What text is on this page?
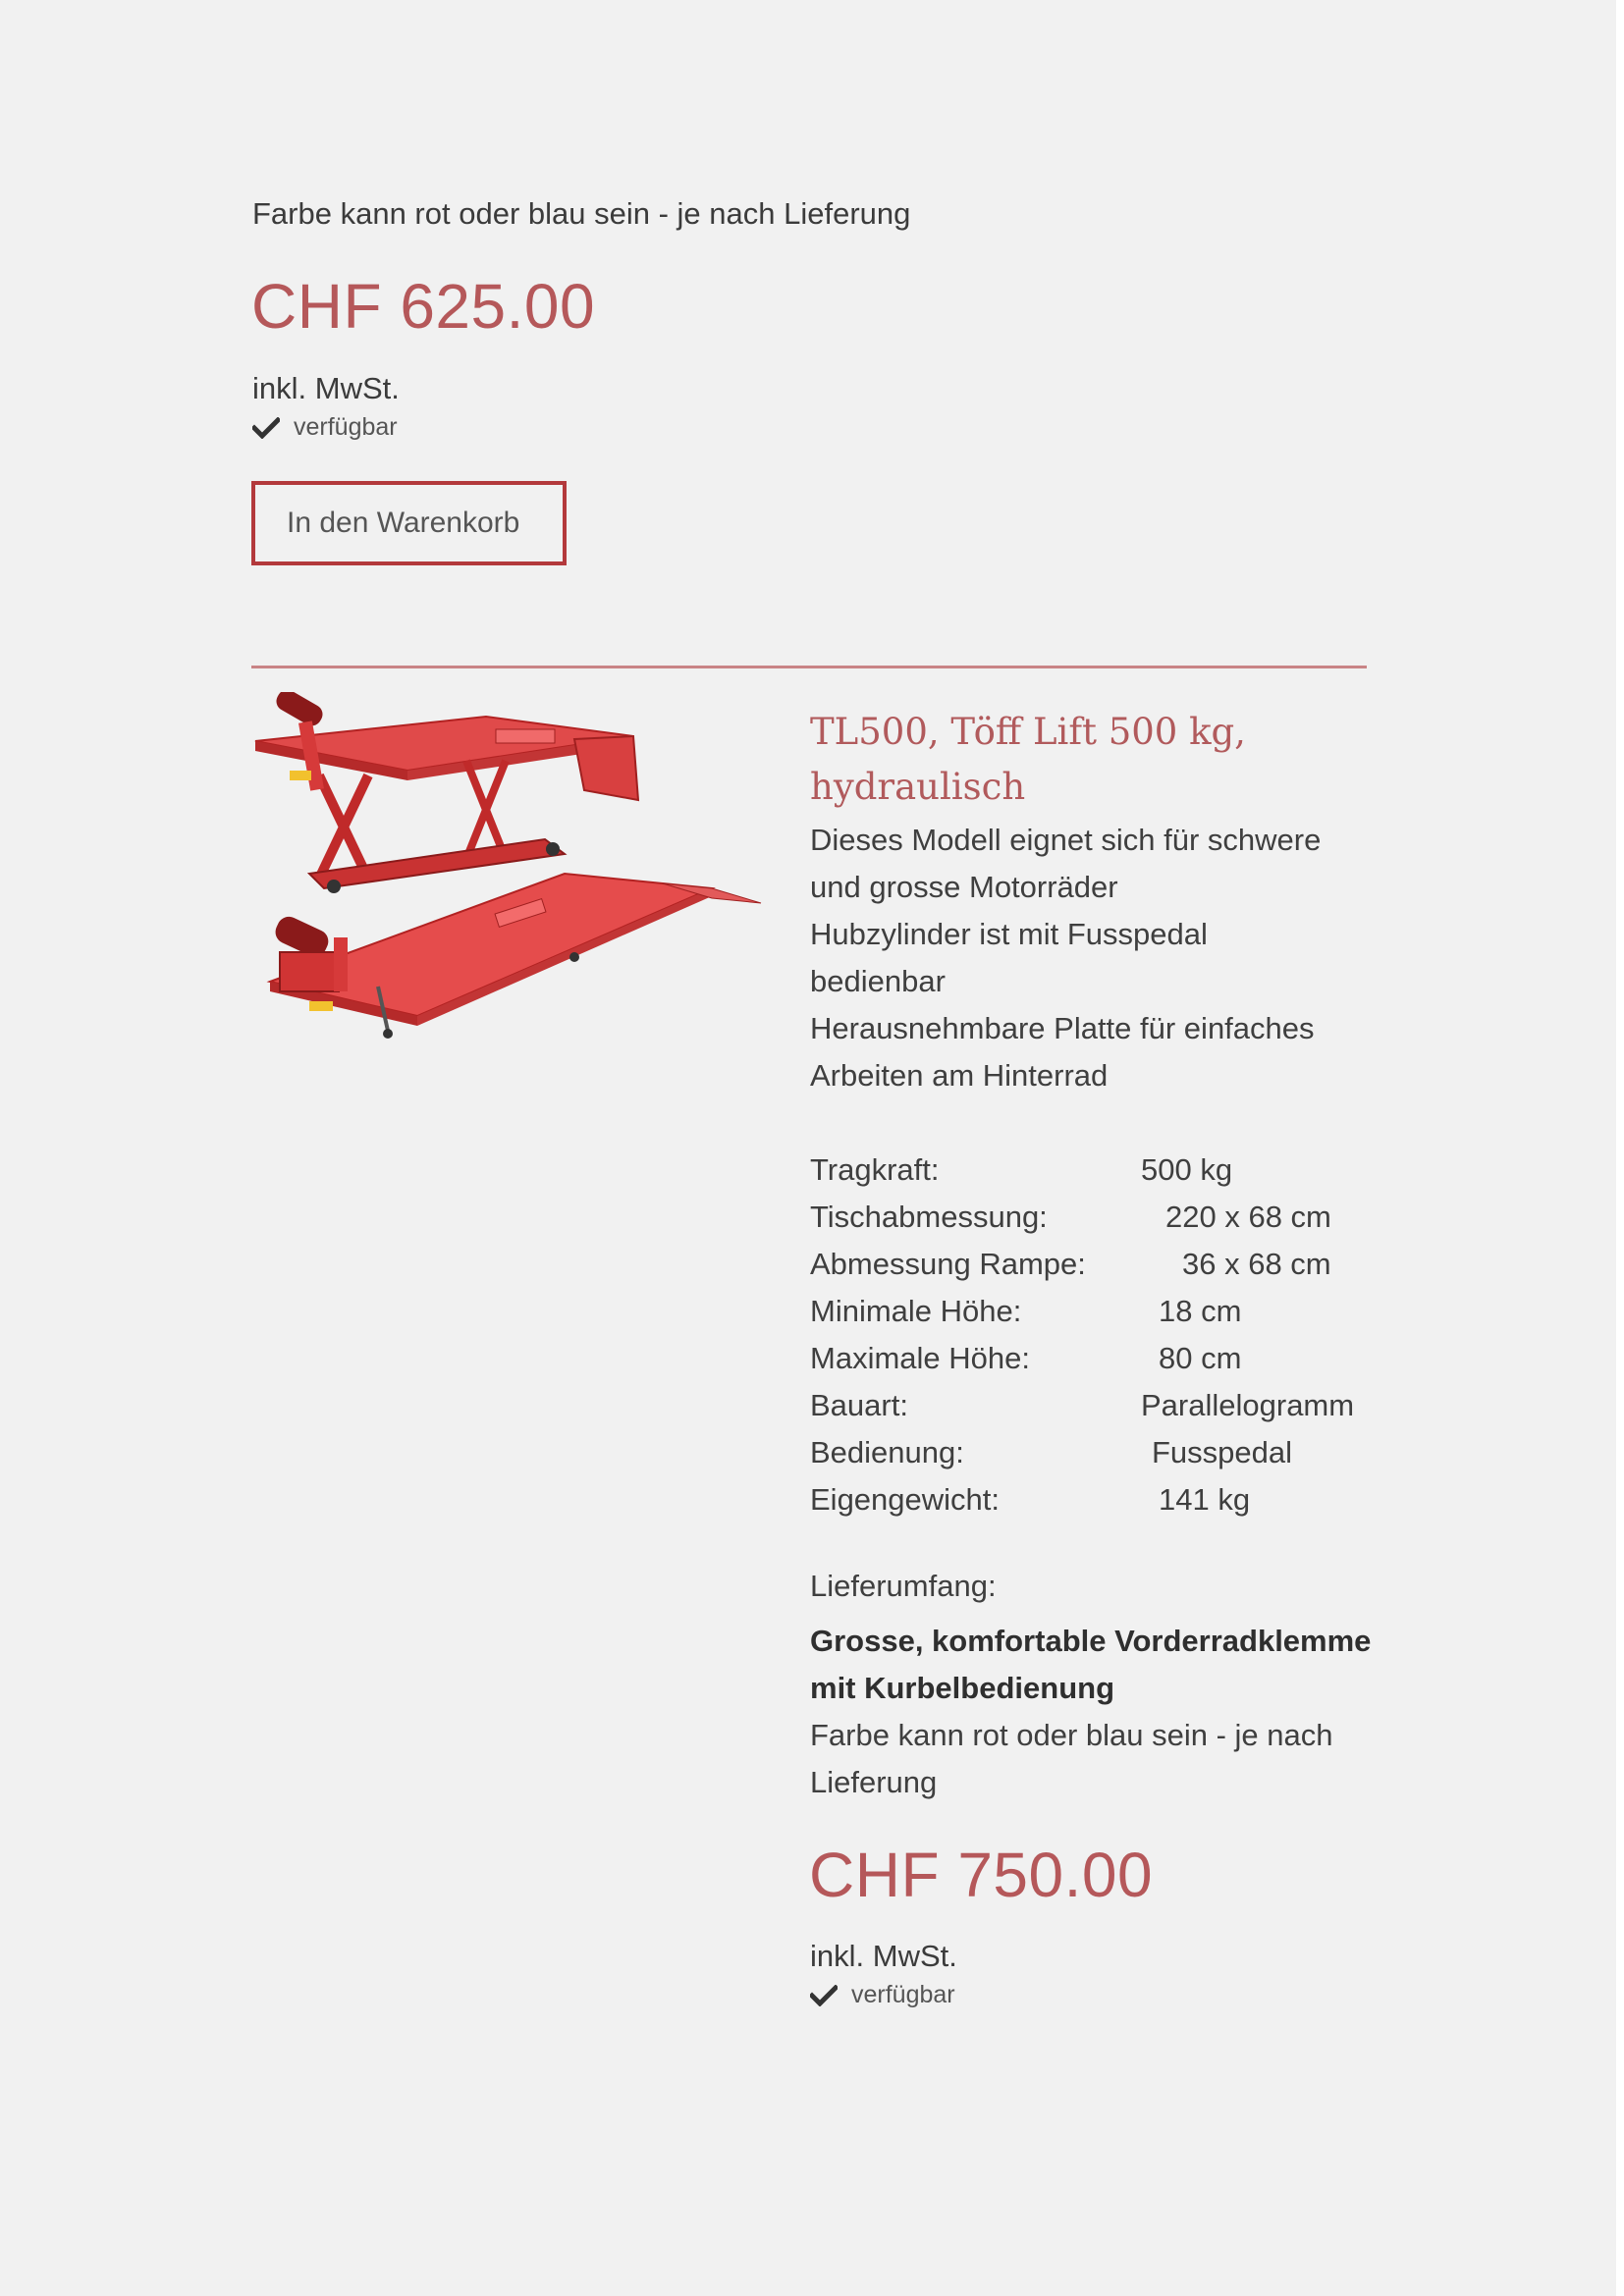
Farbe kann rot oder blau sein - je nach Lieferung
CHF 625.00
inkl. MwSt.
verfügbar
In den Warenkorb
TL500, Töff Lift 500 kg,
hydraulisch
Dieses Modell eignet sich für schwere
und grosse Motorräder
Hubzylinder ist mit Fusspedal
bedienbar
Herausnehmbare Platte für einfaches
Arbeiten am Hinterrad
Tragkraft:	500 kg
Tischabmessung:	220 x 68 cm
Abmessung Rampe:	36 x 68 cm
Minimale Höhe:	18 cm
Maximale Höhe:	80 cm
Bauart:	Parallelogramm
Bedienung:	Fusspedal
Eigengewicht:	141 kg
Lieferumfang:
Grosse, komfortable Vorderradklemme
mit Kurbelbedienung
Farbe kann rot oder blau sein - je nach
Lieferung
CHF 750.00
inkl. MwSt.
verfügbar
